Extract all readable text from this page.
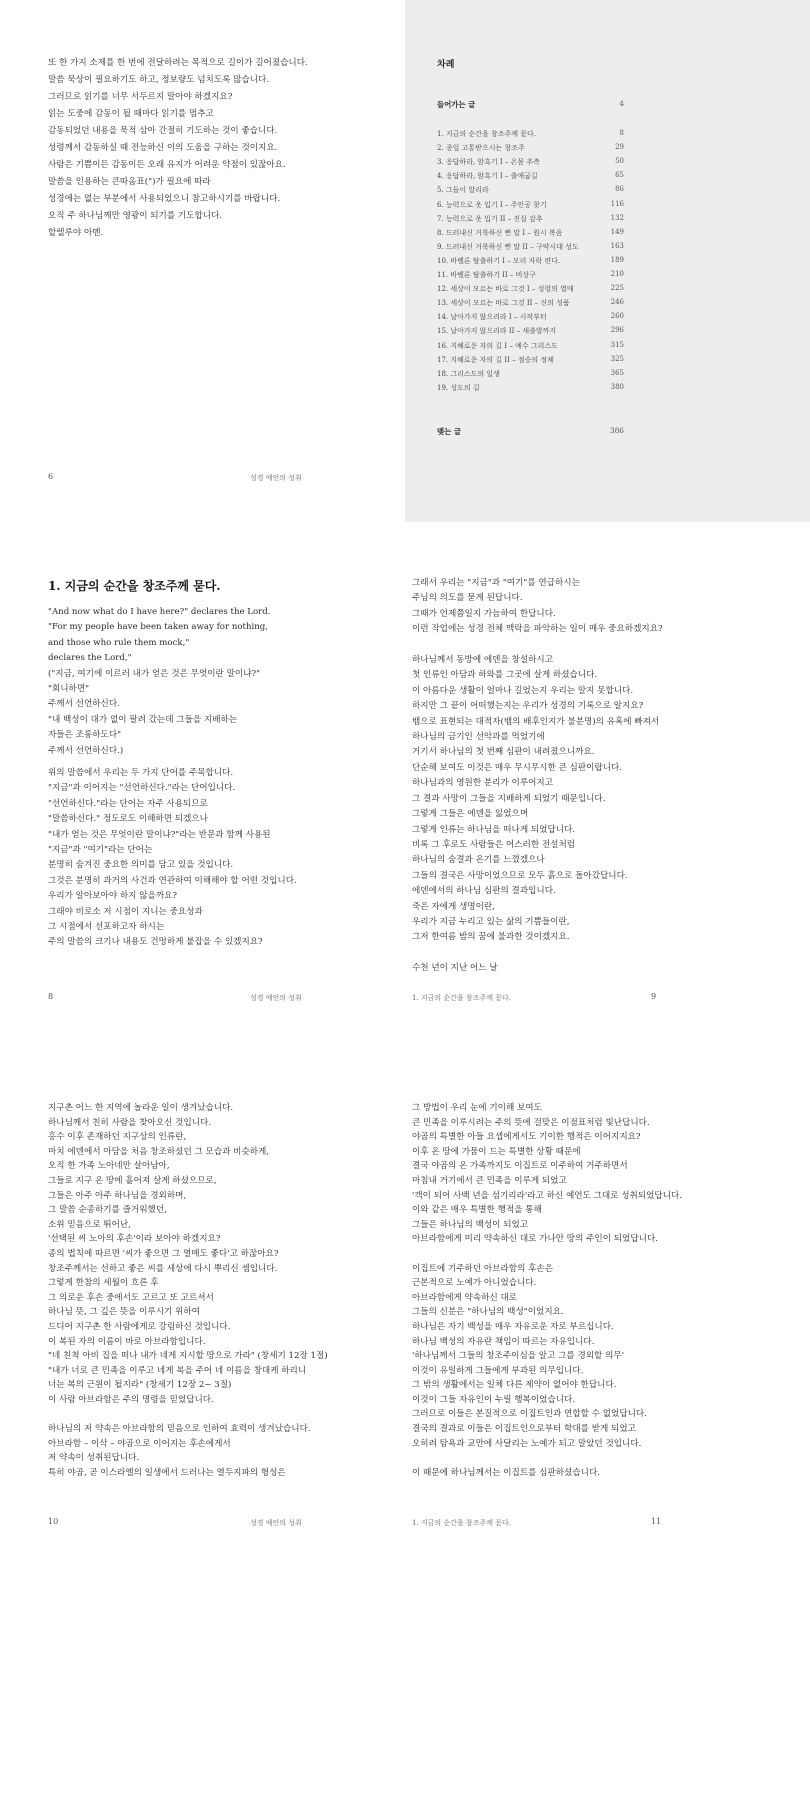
또 한 가지 소제를 한 번에 전달하려는 목적으로 길이가 길어졌습니다.
말씀 묵상이 필요하기도 하고, 정보량도 넘치도록 많습니다.
그러므로 읽기를 너무 서두르지 말아야 하겠지요?
읽는 도중에 감동이 될 때마다 읽기를 멈추고
감동되었던 내용을 묵적 삼아 간절히 기도하는 것이 좋습니다.
성령께서 감동하실 때 전능하신 이의 도움을 구하는 것이지요.
사람은 기쁨이든 감동이든 오래 유지가 어려운 약점이 있잖아요.
말씀을 인용하는 큰따옴표(")가 필요에 따라
성경에는 없는 부분에서 사용되었으니 참고하시기를 바랍니다.
오직 주 하나님께만 영광이 되기를 기도합니다.
할렐루야 아멘.
6	성경 예언의 성취
차례
들어가는 글	4
1. 지금의 순간을 창조주께 묻다.	8
2. 종일 고통받으시는 창조주	29
3. 응답하라, 암흑기 I – 온몸 추측	50
4. 응답하라, 암흑기 I – 출애굽길	65
5. 그들이 알리라	86
6. 능력으로 옷 입기 I – 주인공 찾기	116
7. 능력으로 옷 입기 II – 진실 감추	132
8. 드러내신 거룩하신 뻔 말 I – 원시 복음	149
9. 드러내신 거룩하신 뻔 말 II – 구약시대 성도	163
10. 바벨론 탈출하기 I – 모리 자락 편다.	189
11. 바벨론 탈출하기 II – 비상구	210
12. 세상이 모르는 바로 그것 I – 성령의 열매	225
13. 세상이 모르는 바로 그것 II – 신의 성품	246
14. 날아가지 않으리라 I – 시작부터	260
15. 날아가지 않으리라 II – 새출발까지	296
16. 지혜로운 자의 길 I – 예수 그리스도	315
17. 지혜로운 자의 길 II – 점승의 정체	325
18. 그리스도의 일생	365
19. 성도의 길	380
맺는 글	386
1. 지금의 순간을 창조주께 묻다.
"And now what do I have here?" declares the Lord.
"For my people have been taken away for nothing,
and those who rule them mock,"
declares the Lord,"
("지금, 여기에 이르러 내가 얻은 것은 무엇이란 말이냐?"
"회니하면"
주께서 선언하신다.
"내 백성이 대가 없이 팔려 갔는데 그들을 지배하는
자들은 조롱하도다"
주께서 선언하신다.)
위의 말씀에서 우리는 두 가지 단어를 주목합니다.
"지금"과 이어지는 "선언하신다."라는 단어입니다.
"선언하신다."라는 단어는 자주 사용되므로
"말씀하신다." 정도로도 이해하면 되겠으나
"내가 얻는 것은 무엇이란 말이냐?"라는 반문과 함께 사용된
"지금"과 "여기"라는 단어는
분명히 숨겨진 중요한 의미를 담고 있을 것입니다.
그것은 분명히 과거의 사건과 연관하여 이해해야 할 어떤 것입니다.
우리가 알아보아야 하지 않을까요?
그래야 비로소 저 시점이 지니는 중요성과
그 시점에서 선포하고자 하시는
주의 말씀의 크기나 내용도 건멍하게 붙잡을 수 있겠지요?
8	성경 예언의 성취
그래서 우리는 "지금"과 "여기"를 연급하시는
주님의 의도를 묻게 된답니다.
그때가 언제쯤일지 가늠하여 한답니다.
이런 작업에는 성경 전체 맥락을 파악하는 일이 매우 중요하겠지요?

하나님께서 동방에 에덴을 창설하시고
첫 인류인 아담과 하와를 그곳에 살게 하셨습니다.
이 아름다운 생활이 얼마나 길었는지 우리는 알지 못합니다.
하지만 그 끝이 어떠했는지는 우리가 성경의 기록으로 알지요?
뱀으로 표현되는 대적자(뱀의 배후인지가 불분명)의 유혹에 빠져서
하나님의 금기인 선악과를 먹었기에
거기서 하나님의 첫 번째 심판이 내려졌으니까요.
단순해 보여도 이것은 매우 무시무시한 큰 심판이랍니다.
하나님과의 영원한 분리가 이루어지고
그 결과 사망이 그들을 지배하게 되었기 때문입니다.
그렇게 그들은 에덴을 잃었으며
그렇게 인류는 하나님을 떠나게 되었답니다.
비록 그 후로도 사람들은 어스러한 전설처럼
하나님의 숨결과 온기를 느꼈겠으나
그들의 결국은 사망이었으므로 모두 흙으로 돌아갔답니다.
에덴에서의 하나님 심판의 결과입니다.
죽은 자에게 생명이란,
우리가 지금 누리고 있는 삶의 기쁨들이란,
그저 한여름 밤의 꿈에 불과한 것이겠지요.

수천 년이 지난 어느 날
1. 지금의 순간을 창조주께 묻다.	9
지구촌 어느 한 지역에 놀라운 일이 생겨났습니다.
하나님께서 친히 사람을 찾아오신 것입니다.
홍수 이후 존재하던 지구상의 인류란,
마치 에덴에서 아담을 처음 창조하셨던 그 모습과 비슷하게,
오직 한 가족 노아네만 살아남아,
그들로 지구 온 땅에 흩어져 살게 하셨으므로,
그들은 아주 아주 하나님을 경외하며,
그 말씀 순종하기를 즐거워했던,
소위 믿음으로 뛰어난,
'선택된 씨 노아의 후손'이라 보아야 하겠지요?
종의 법칙에 따르면 '씨가 좋으면 그 열매도 좋다'고 하잖아요?
창조주께서는 선하고 좋은 씨를 세상에 다시 뿌리신 셈입니다.
그렇게 한참의 세월이 흐른 후
그 의로운 후손 중에서도 고르고 또 고르셔서
하나님 뜻, 그 깊은 뜻을 이루시기 위하여
드디어 지구촌 한 사람에게로 강림하신 것입니다.
이 복된 자의 이름이 바로 아브라함입니다.
"네 친척 아비 집을 떠나 내가 네게 지시할 땅으로 가라" (창세기 12장 1절)
"내가 너로 큰 민족을 이루고 네게 복을 주어 네 이름을 창대케 하리니
너는 복의 근원이 될지라" (창세기 12장 2~ 3절)
이 사람 아브라함은 주의 명령을 믿었답니다.

하나님의 저 약속은 아브라함의 믿음으로 인하여 효력이 생겨났습니다.
아브라함 – 이삭 – 야곱으로 이어지는 후손에게서
저 약속이 성취된답니다.
특히 야곱, 곧 이스라엘의 일생에서 드러나는 열두지파의 형성은
10	성경 예언의 성취
그 방법이 우리 눈에 기이해 보여도
큰 민족을 이루시려는 주의 뜻에 걸맞은 이점표처럼 빛난답니다.
야곱의 특별한 아들 요셉에게서도 기이한 행적은 이어지지요?
이후 온 땅에 가뭄이 드는 특별한 상황 때문에
결국 야곱의 온 가족까지도 이집트로 이주하여 거주하면서
마침내 거기에서 큰 민족을 이루게 되었고
'객이 되어 사백 년을 섬기리라'라고 하신 예언도 그대로 성취되었답니다.
이와 같은 매우 특별한 행적을 통해
그들은 하나님의 백성이 되었고
아브라함에게 미리 약속하신 대로 가나안 땅의 주인이 되었답니다.

이집트에 기주하던 아브라함의 후손은
근본적으로 노예가 아니었습니다.
아브라함에게 약속하신 대로
그들의 신분은 "하나님의 백성"이었지요.
하나님은 자기 백성을 매우 자유로운 자로 부르십니다.
하나님 백성의 자유란 책임이 따르는 자유입니다.
'하나님께서 그들의 창조주이심을 알고 그를 경외할 의무'
이것이 유일하게 그들에게 부과된 의무입니다.
그 밖의 생활에서는 일체 다른 제약이 없어야 한답니다.
이것이 그들 자유인이 누릴 행복이었습니다.
그러므로 이들은 본질적으로 이집트인과 연합할 수 없었답니다.
결국의 결과로 이들은 이집트인으로부터 학대를 받게 되었고
오히려 탐욕과 교만에 사달리는 노예가 되고 말았던 것입니다.

이 때문에 하나님께서는 이집트를 심판하셨습니다.
1. 지금의 순간을 창조주께 묻다.	11
